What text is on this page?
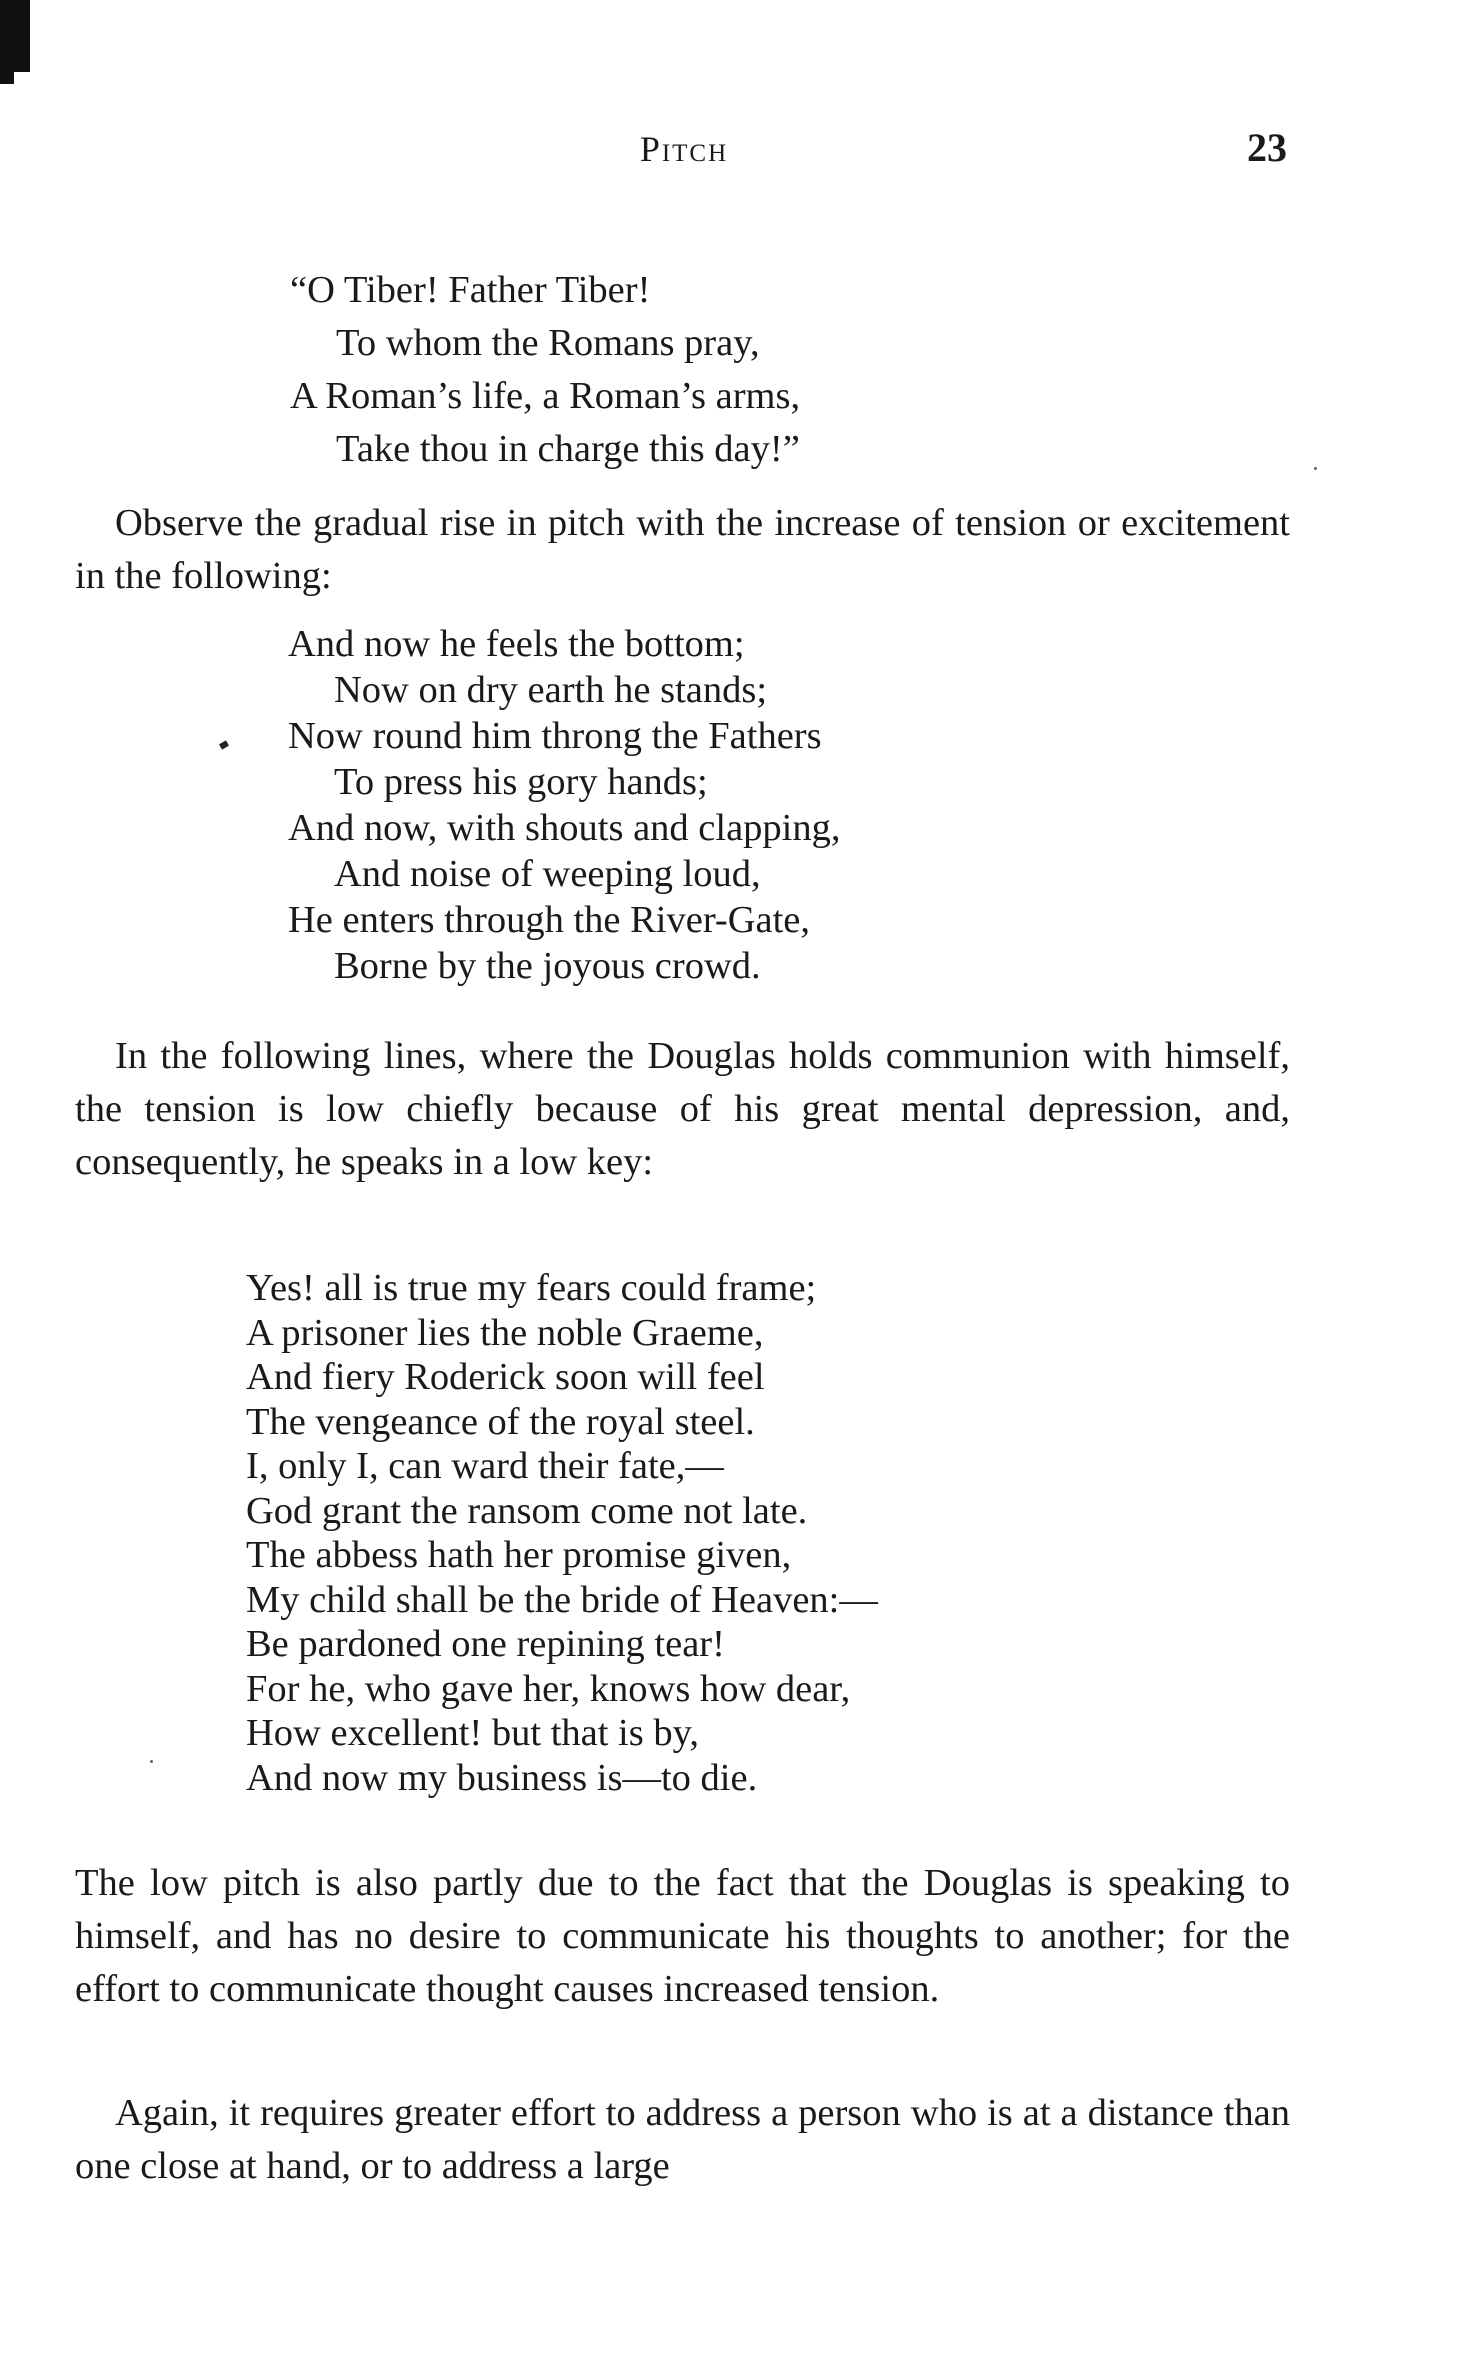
Pitch	23

“O Tiber! Father Tiber!

To whom the Romans pray,

A Roman’s life, a Roman’s arms,

Take thou in charge this day!”

Observe the gradual rise in pitch with the increase of tension or excitement in the following:

And now he feels the bottom;

Now on dry earth he stands;

Now round him throng the Fathers

To press his gory hands;

And now, with shouts and clapping,

And noise of weeping loud,

He enters through the River-Gate,

Borne by the joyous crowd.

In the following lines, where the Douglas holds communion with himself, the tension is low chiefly because of his great mental depression, and, consequently, he speaks in a low key:

Yes! all is true my fears could frame;

A prisoner lies the noble Graeme,

And fiery Roderick soon will feel

The vengeance of the royal steel.

I, only I, can ward their fate,—

God grant the ransom come not late.

The abbess hath her promise given,

My child shall be the bride of Heaven:—

Be pardoned one repining tear!

For he, who gave her, knows how dear,

How excellent! but that is by,

And now my business is—to die.

The low pitch is also partly due to the fact that the Douglas is speaking to himself, and has no desire to communicate his thoughts to another; for the effort to communicate thought causes increased tension.

Again, it requires greater effort to address a person who is at a distance than one close at hand, or to address a large
